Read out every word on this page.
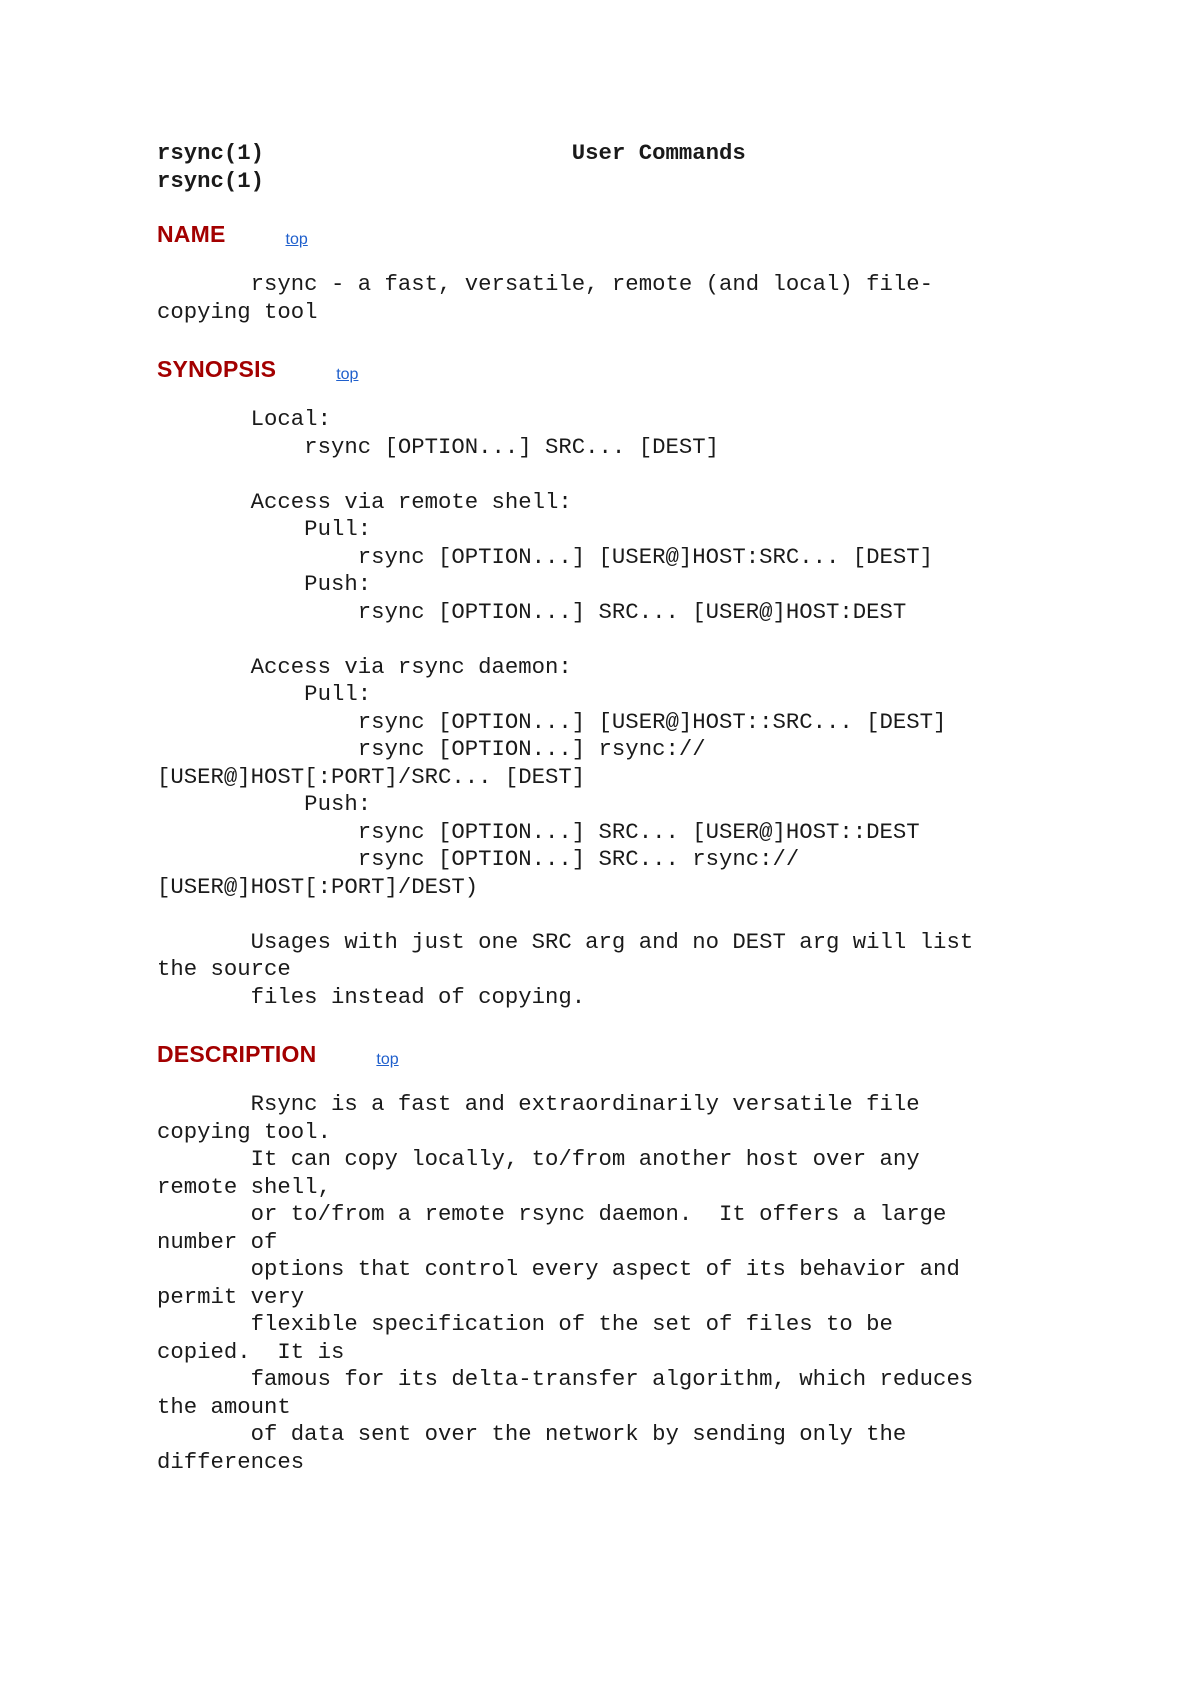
rsync(1)	User Commands
rsync(1)
NAME	top
rsync - a fast, versatile, remote (and local) file-
copying tool
SYNOPSIS	top
Local:
rsync [OPTION...] SRC... [DEST]

Access via remote shell:
Pull:
rsync [OPTION...] [USER@]HOST:SRC... [DEST]
Push:
rsync [OPTION...] SRC... [USER@]HOST:DEST

Access via rsync daemon:
Pull:
rsync [OPTION...] [USER@]HOST::SRC... [DEST]
rsync [OPTION...] rsync://
[USER@]HOST[:PORT]/SRC... [DEST]
Push:
rsync [OPTION...] SRC... [USER@]HOST::DEST
rsync [OPTION...] SRC... rsync://
[USER@]HOST[:PORT]/DEST)

Usages with just one SRC arg and no DEST arg will list
the source
files instead of copying.
DESCRIPTION	top
Rsync is a fast and extraordinarily versatile file
copying tool.
It can copy locally, to/from another host over any
remote shell,
or to/from a remote rsync daemon.  It offers a large
number of
options that control every aspect of its behavior and
permit very
flexible specification of the set of files to be
copied.  It is
famous for its delta-transfer algorithm, which reduces
the amount
of data sent over the network by sending only the
differences
